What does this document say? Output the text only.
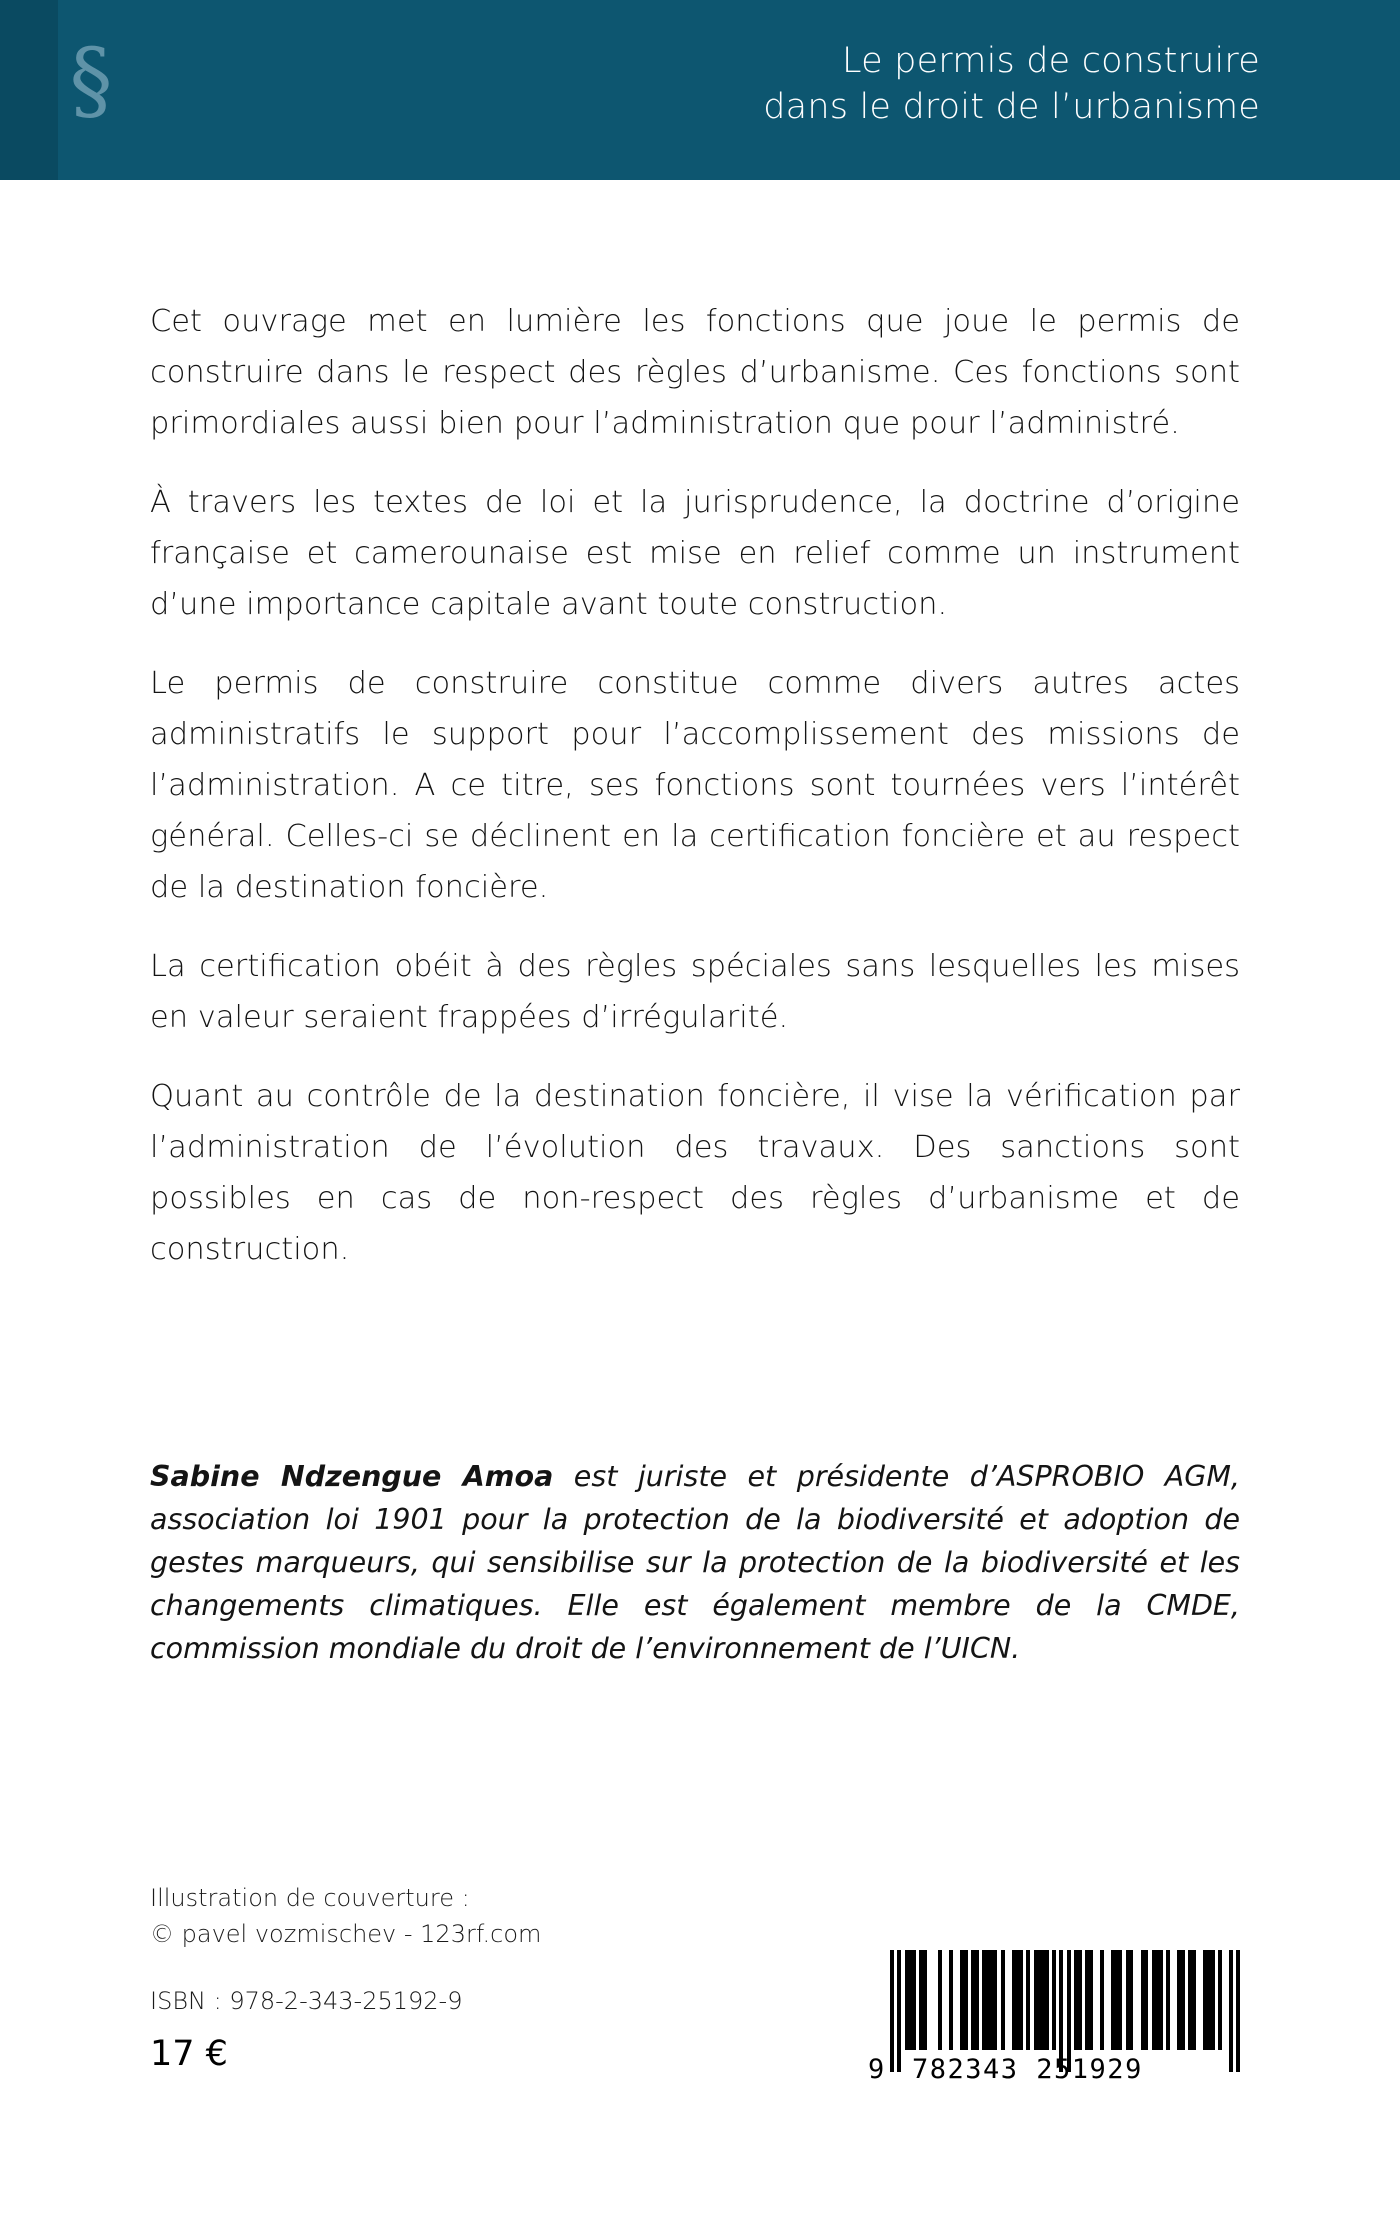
§	Le permis de construire
dans le droit de l’urbanisme

Cet ouvrage met en lumière les fonctions que joue le permis de construire dans le respect des règles d’urbanisme. Ces fonctions sont primordiales aussi bien pour l’administration que pour l’administré.

À travers les textes de loi et la jurisprudence, la doctrine d’origine française et camerounaise est mise en relief comme un instrument d’une importance capitale avant toute construction.

Le permis de construire constitue comme divers autres actes administratifs le support pour l’accomplissement des missions de l’administration. A ce titre, ses fonctions sont tournées vers l’intérêt général. Celles-ci se déclinent en la certification foncière et au respect de la destination foncière.

La certification obéit à des règles spéciales sans lesquelles les mises en valeur seraient frappées d’irrégularité.

Quant au contrôle de la destination foncière, il vise la vérification par l’administration de l’évolution des travaux. Des sanctions sont possibles en cas de non-respect des règles d’urbanisme et de construction.

Sabine Ndzengue Amoa est juriste et présidente d’ASPROBIO AGM, association loi 1901 pour la protection de la biodiversité et adoption de gestes marqueurs, qui sensibilise sur la protection de la biodiversité et les changements climatiques. Elle est également membre de la CMDE, commission mondiale du droit de l’environnement de l’UICN.
Illustration de couverture :
© pavel vozmischev - 123rf.com
ISBN : 978-2-343-25192-9
17 €	9 782343 251929
